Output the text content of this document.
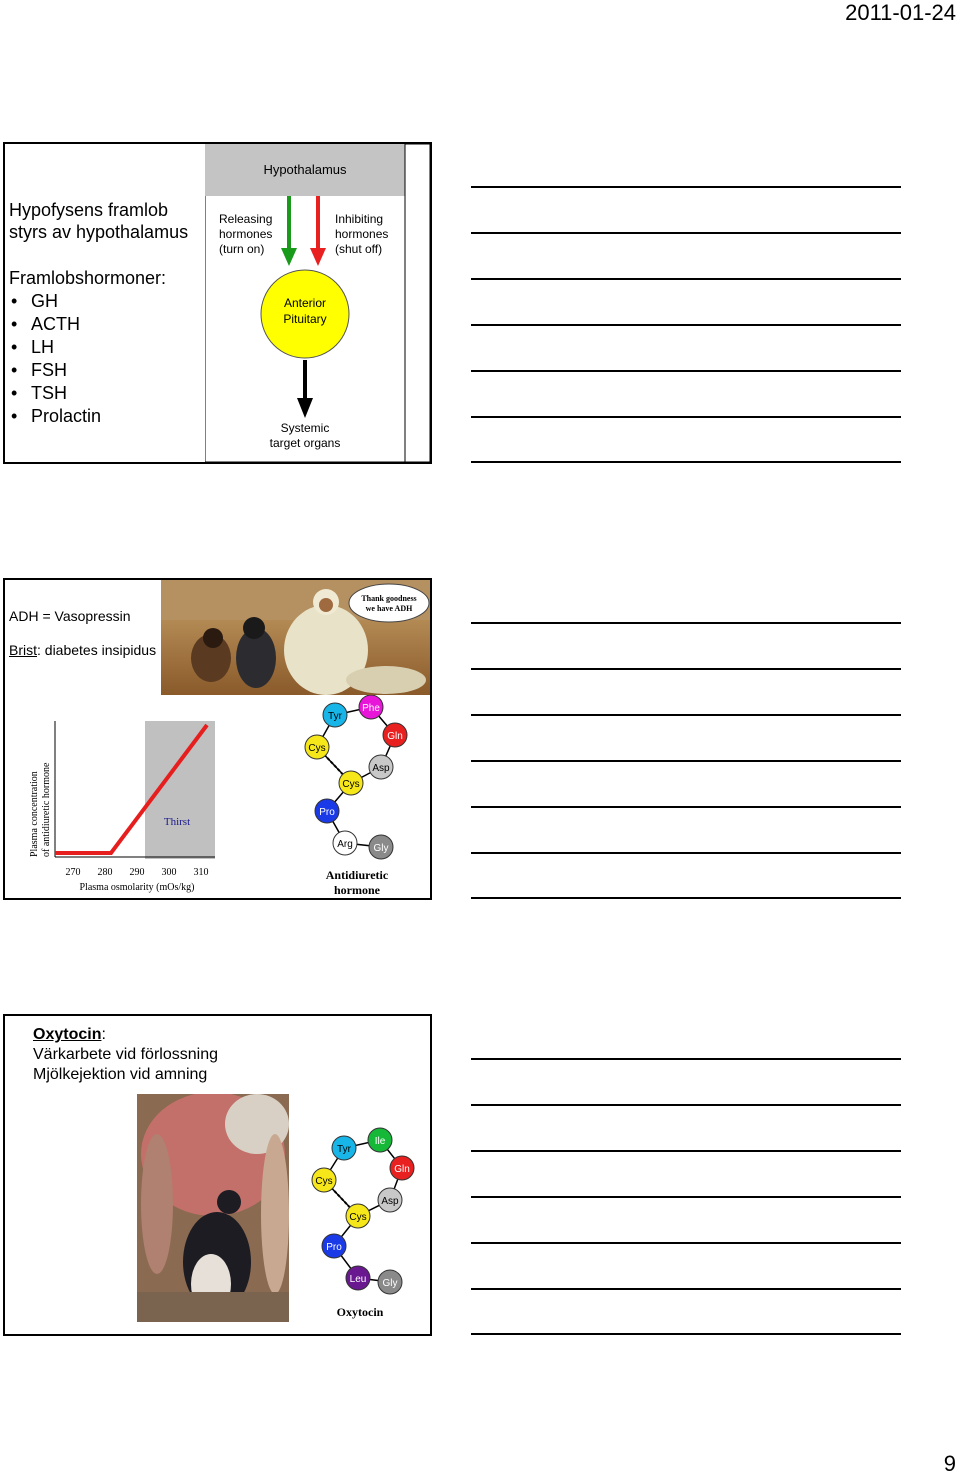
2011-01-24
9
Hypofysens framlob
styrs av hypothalamus
Framlobshormoner:
• GH
• ACTH
• LH
• FSH
• TSH
• Prolactin
Hypothalamus
Releasing
hormones
(turn on)
Inhibiting
hormones
(shut off)
Anterior
Pituitary
Systemic
target organs
ADH = Vasopressin
Brist: diabetes insipidus
Thank goodness
we have ADH
Thirst
Plasma concentration of antidiuretic hormone
270 280 290 300 310
Plasma osmolarity (mOs/kg)
Cys
Tyr
Phe
Gln
Asp
Cys
Pro
Arg Gly
Antidiuretic
hormone
Oxytocin:
Värkarbete vid förlossning
Mjölkejektion vid amning
Cys
Tyr
Ile
Gln
Asp
Cys
Pro
Leu Gly
Oxytocin
